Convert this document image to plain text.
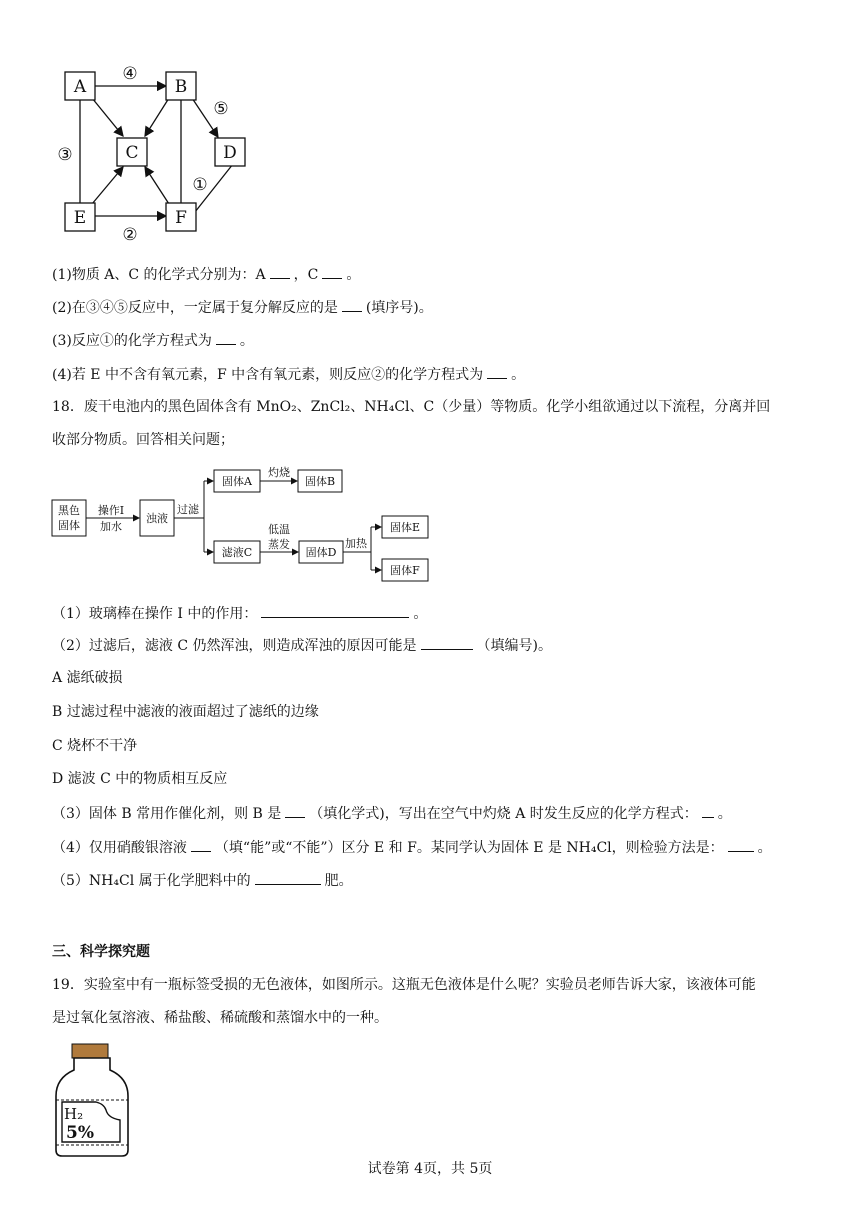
A	B
C	D
E	F
④
⑤
③
①
②
(1)物质 A、C 的化学式分别为：A ，C 。
(2)在③④⑤反应中，一定属于复分解反应的是 (填序号)。
(3)反应①的化学方程式为 。
(4)若 E 中不含有氧元素，F 中含有氧元素，则反应②的化学方程式为 。
18．废干电池内的黑色固体含有 MnO₂、ZnCl₂、NH₄Cl、C（少量）等物质。化学小组欲通过以下流程，分离并回
收部分物质。回答相关问题；
黑色
固体
操作I
加水
浊液
过滤
固体A
灼烧
固体B
滤液C
低温
蒸发
固体D
加热
固体E
固体F
（1）玻璃棒在操作 I 中的作用：	。
（2）过滤后，滤液 C 仍然浑浊，则造成浑浊的原因可能是	（填编号)。
A 滤纸破损
B 过滤过程中滤液的液面超过了滤纸的边缘
C 烧杯不干净
D 滤波 C 中的物质相互反应
（3）固体 B 常用作催化剂，则 B 是 （填化学式)，写出在空气中灼烧 A 时发生反应的化学方程式： 。
（4）仅用硝酸银溶液 （填“能”或“不能”）区分 E 和 F。某同学认为固体 E 是 NH₄Cl，则检验方法是： 。
（5）NH₄Cl 属于化学肥料中的	肥。
三、科学探究题
19．实验室中有一瓶标签受损的无色液体，如图所示。这瓶无色液体是什么呢？实验员老师告诉大家，该液体可能
是过氧化氢溶液、稀盐酸、稀硫酸和蒸馏水中的一种。
H₂
5%
试卷第 4页，共 5页
